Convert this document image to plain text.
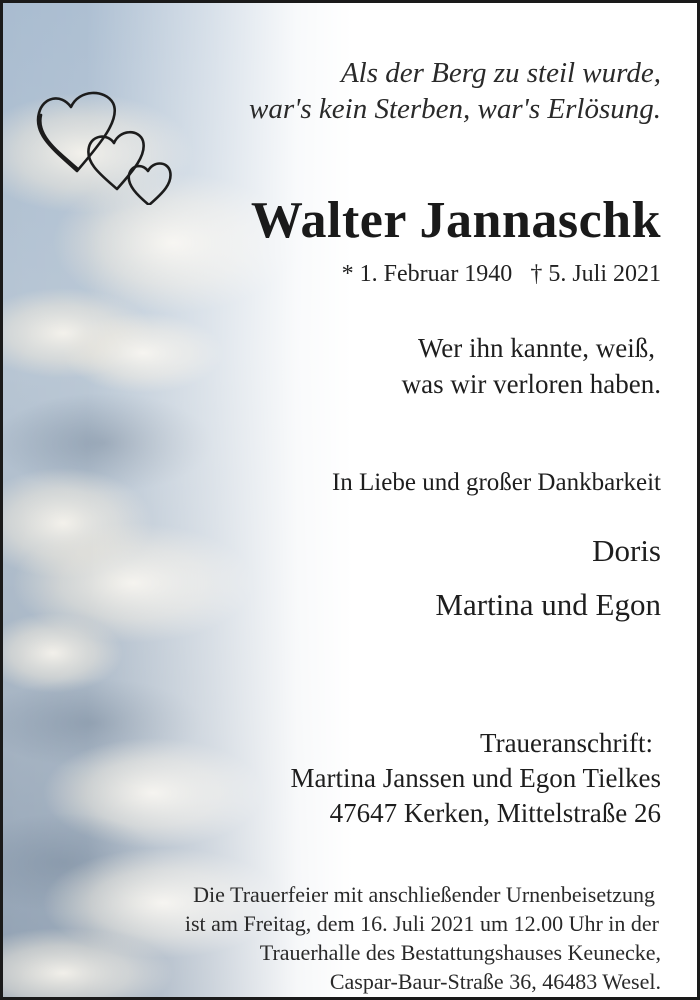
Als der Berg zu steil wurde,
war's kein Sterben, war's Erlösung.
Walter Jannaschk
* 1. Februar 1940 † 5. Juli 2021
Wer ihn kannte, weiß,
was wir verloren haben.
In Liebe und großer Dankbarkeit
Doris
Martina und Egon
Traueranschrift:
Martina Janssen und Egon Tielkes
47647 Kerken, Mittelstraße 26
Die Trauerfeier mit anschließender Urnenbeisetzung
ist am Freitag, dem 16. Juli 2021 um 12.00 Uhr in der
Trauerhalle des Bestattungshauses Keunecke,
Caspar-Baur-Straße 36, 46483 Wesel.
